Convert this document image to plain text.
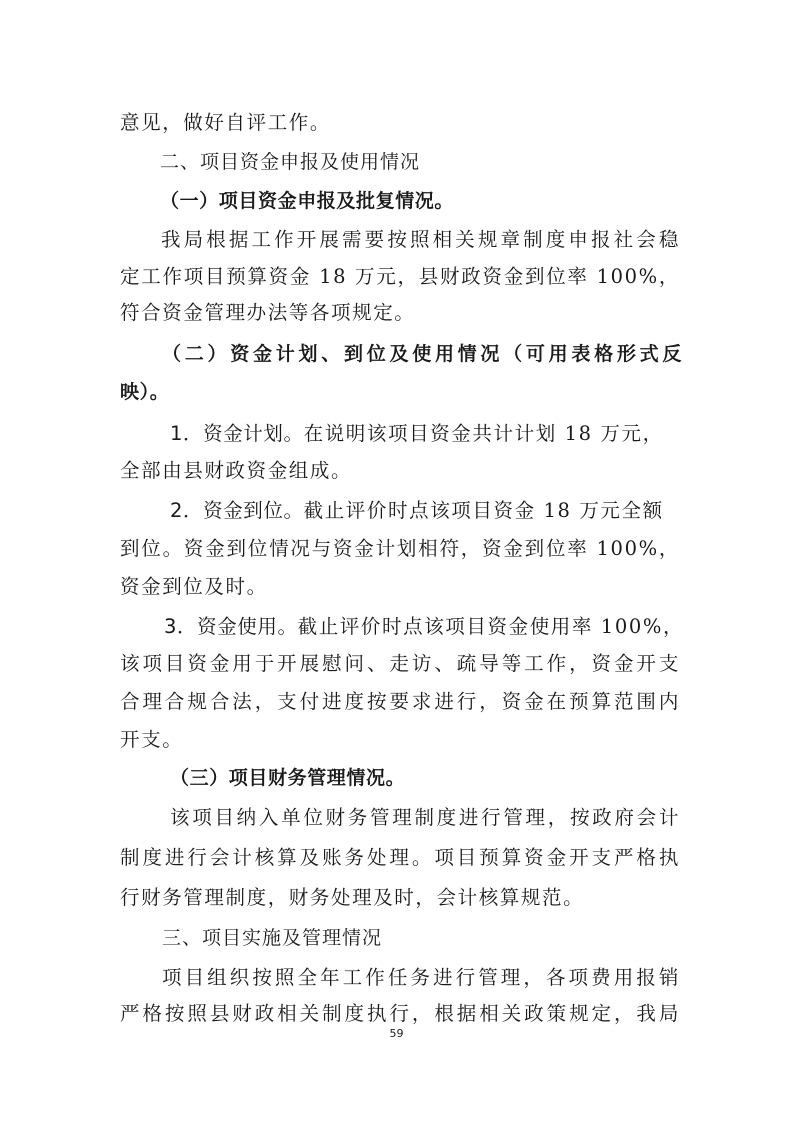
意见，做好自评工作。
二、项目资金申报及使用情况
（一）项目资金申报及批复情况。
我局根据工作开展需要按照相关规章制度申报社会稳
定工作项目预算资金 18 万元，县财政资金到位率 100%，
符合资金管理办法等各项规定。
（二）资金计划、到位及使用情况（可用表格形式反
映）。
1．资金计划。在说明该项目资金共计计划 18 万元，
全部由县财政资金组成。
2．资金到位。截止评价时点该项目资金 18 万元全额
到位。资金到位情况与资金计划相符，资金到位率 100%，
资金到位及时。
3．资金使用。截止评价时点该项目资金使用率 100%，
该项目资金用于开展慰问、走访、疏导等工作，资金开支
合理合规合法，支付进度按要求进行，资金在预算范围内
开支。
（三）项目财务管理情况。
该项目纳入单位财务管理制度进行管理，按政府会计
制度进行会计核算及账务处理。项目预算资金开支严格执
行财务管理制度，财务处理及时，会计核算规范。
三、项目实施及管理情况
项目组织按照全年工作任务进行管理，各项费用报销
严格按照县财政相关制度执行，根据相关政策规定，我局
59
